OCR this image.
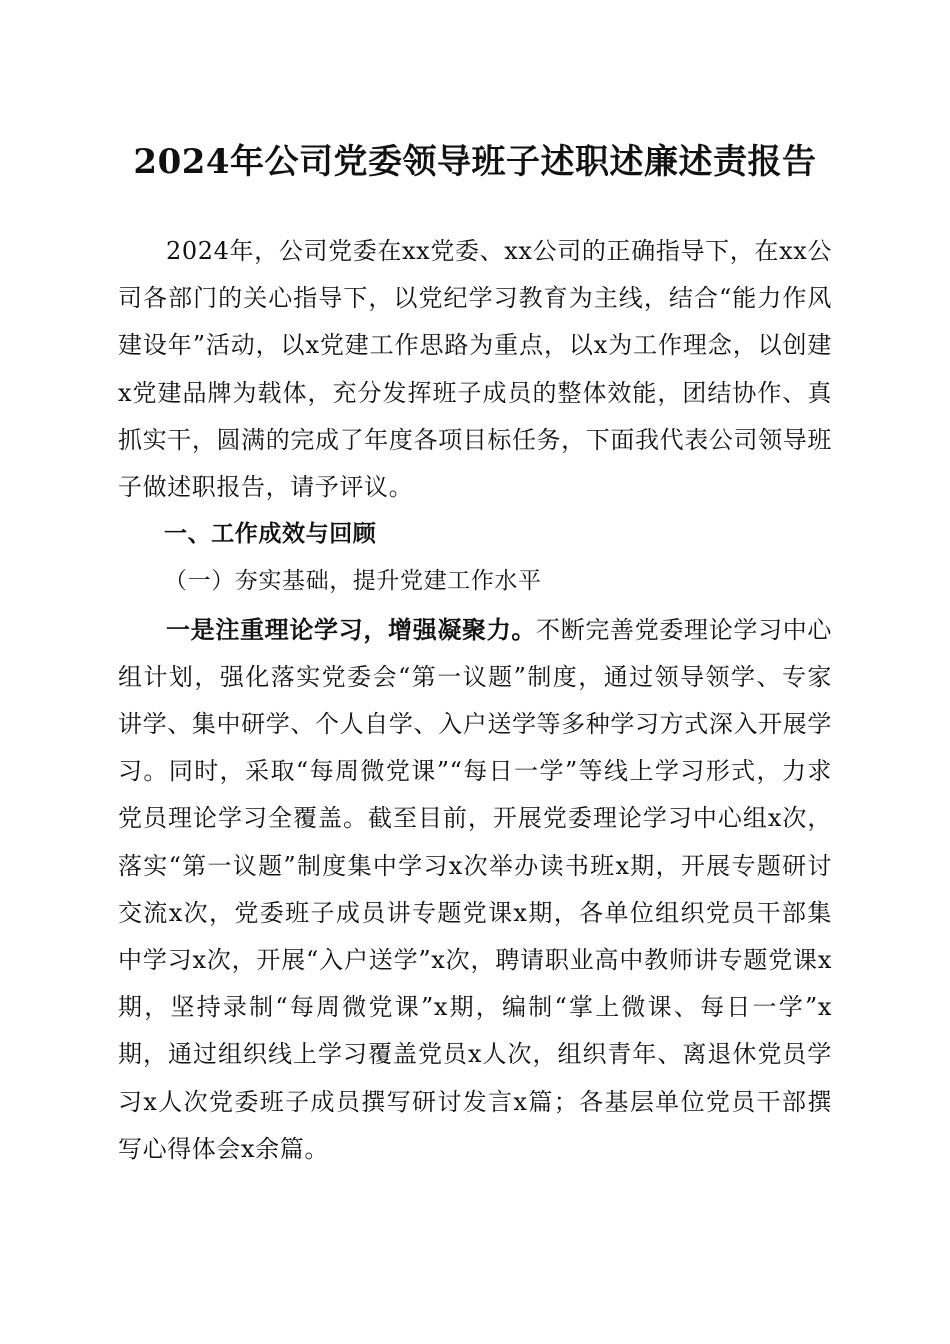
2024年公司党委领导班子述职述廉述责报告

2024年，公司党委在xx党委、xx公司的正确指导下，在xx公司各部门的关心指导下，以党纪学习教育为主线，结合“能力作风建设年”活动，以x党建工作思路为重点，以x为工作理念，以创建x党建品牌为载体，充分发挥班子成员的整体效能，团结协作、真抓实干，圆满的完成了年度各项目标任务，下面我代表公司领导班子做述职报告，请予评议。

一、工作成效与回顾

（一）夯实基础，提升党建工作水平

一是注重理论学习，增强凝聚力。不断完善党委理论学习中心组计划，强化落实党委会“第一议题”制度，通过领导领学、专家讲学、集中研学、个人自学、入户送学等多种学习方式深入开展学习。同时，采取“每周微党课”“每日一学”等线上学习形式，力求党员理论学习全覆盖。截至目前，开展党委理论学习中心组x次，落实“第一议题”制度集中学习x次举办读书班x期，开展专题研讨交流x次，党委班子成员讲专题党课x期，各单位组织党员干部集中学习x次，开展“入户送学”x次，聘请职业高中教师讲专题党课x期，坚持录制“每周微党课”x期，编制“掌上微课、每日一学”x期，通过组织线上学习覆盖党员x人次，组织青年、离退休党员学习x人次党委班子成员撰写研讨发言x篇；各基层单位党员干部撰写心得体会x余篇。
